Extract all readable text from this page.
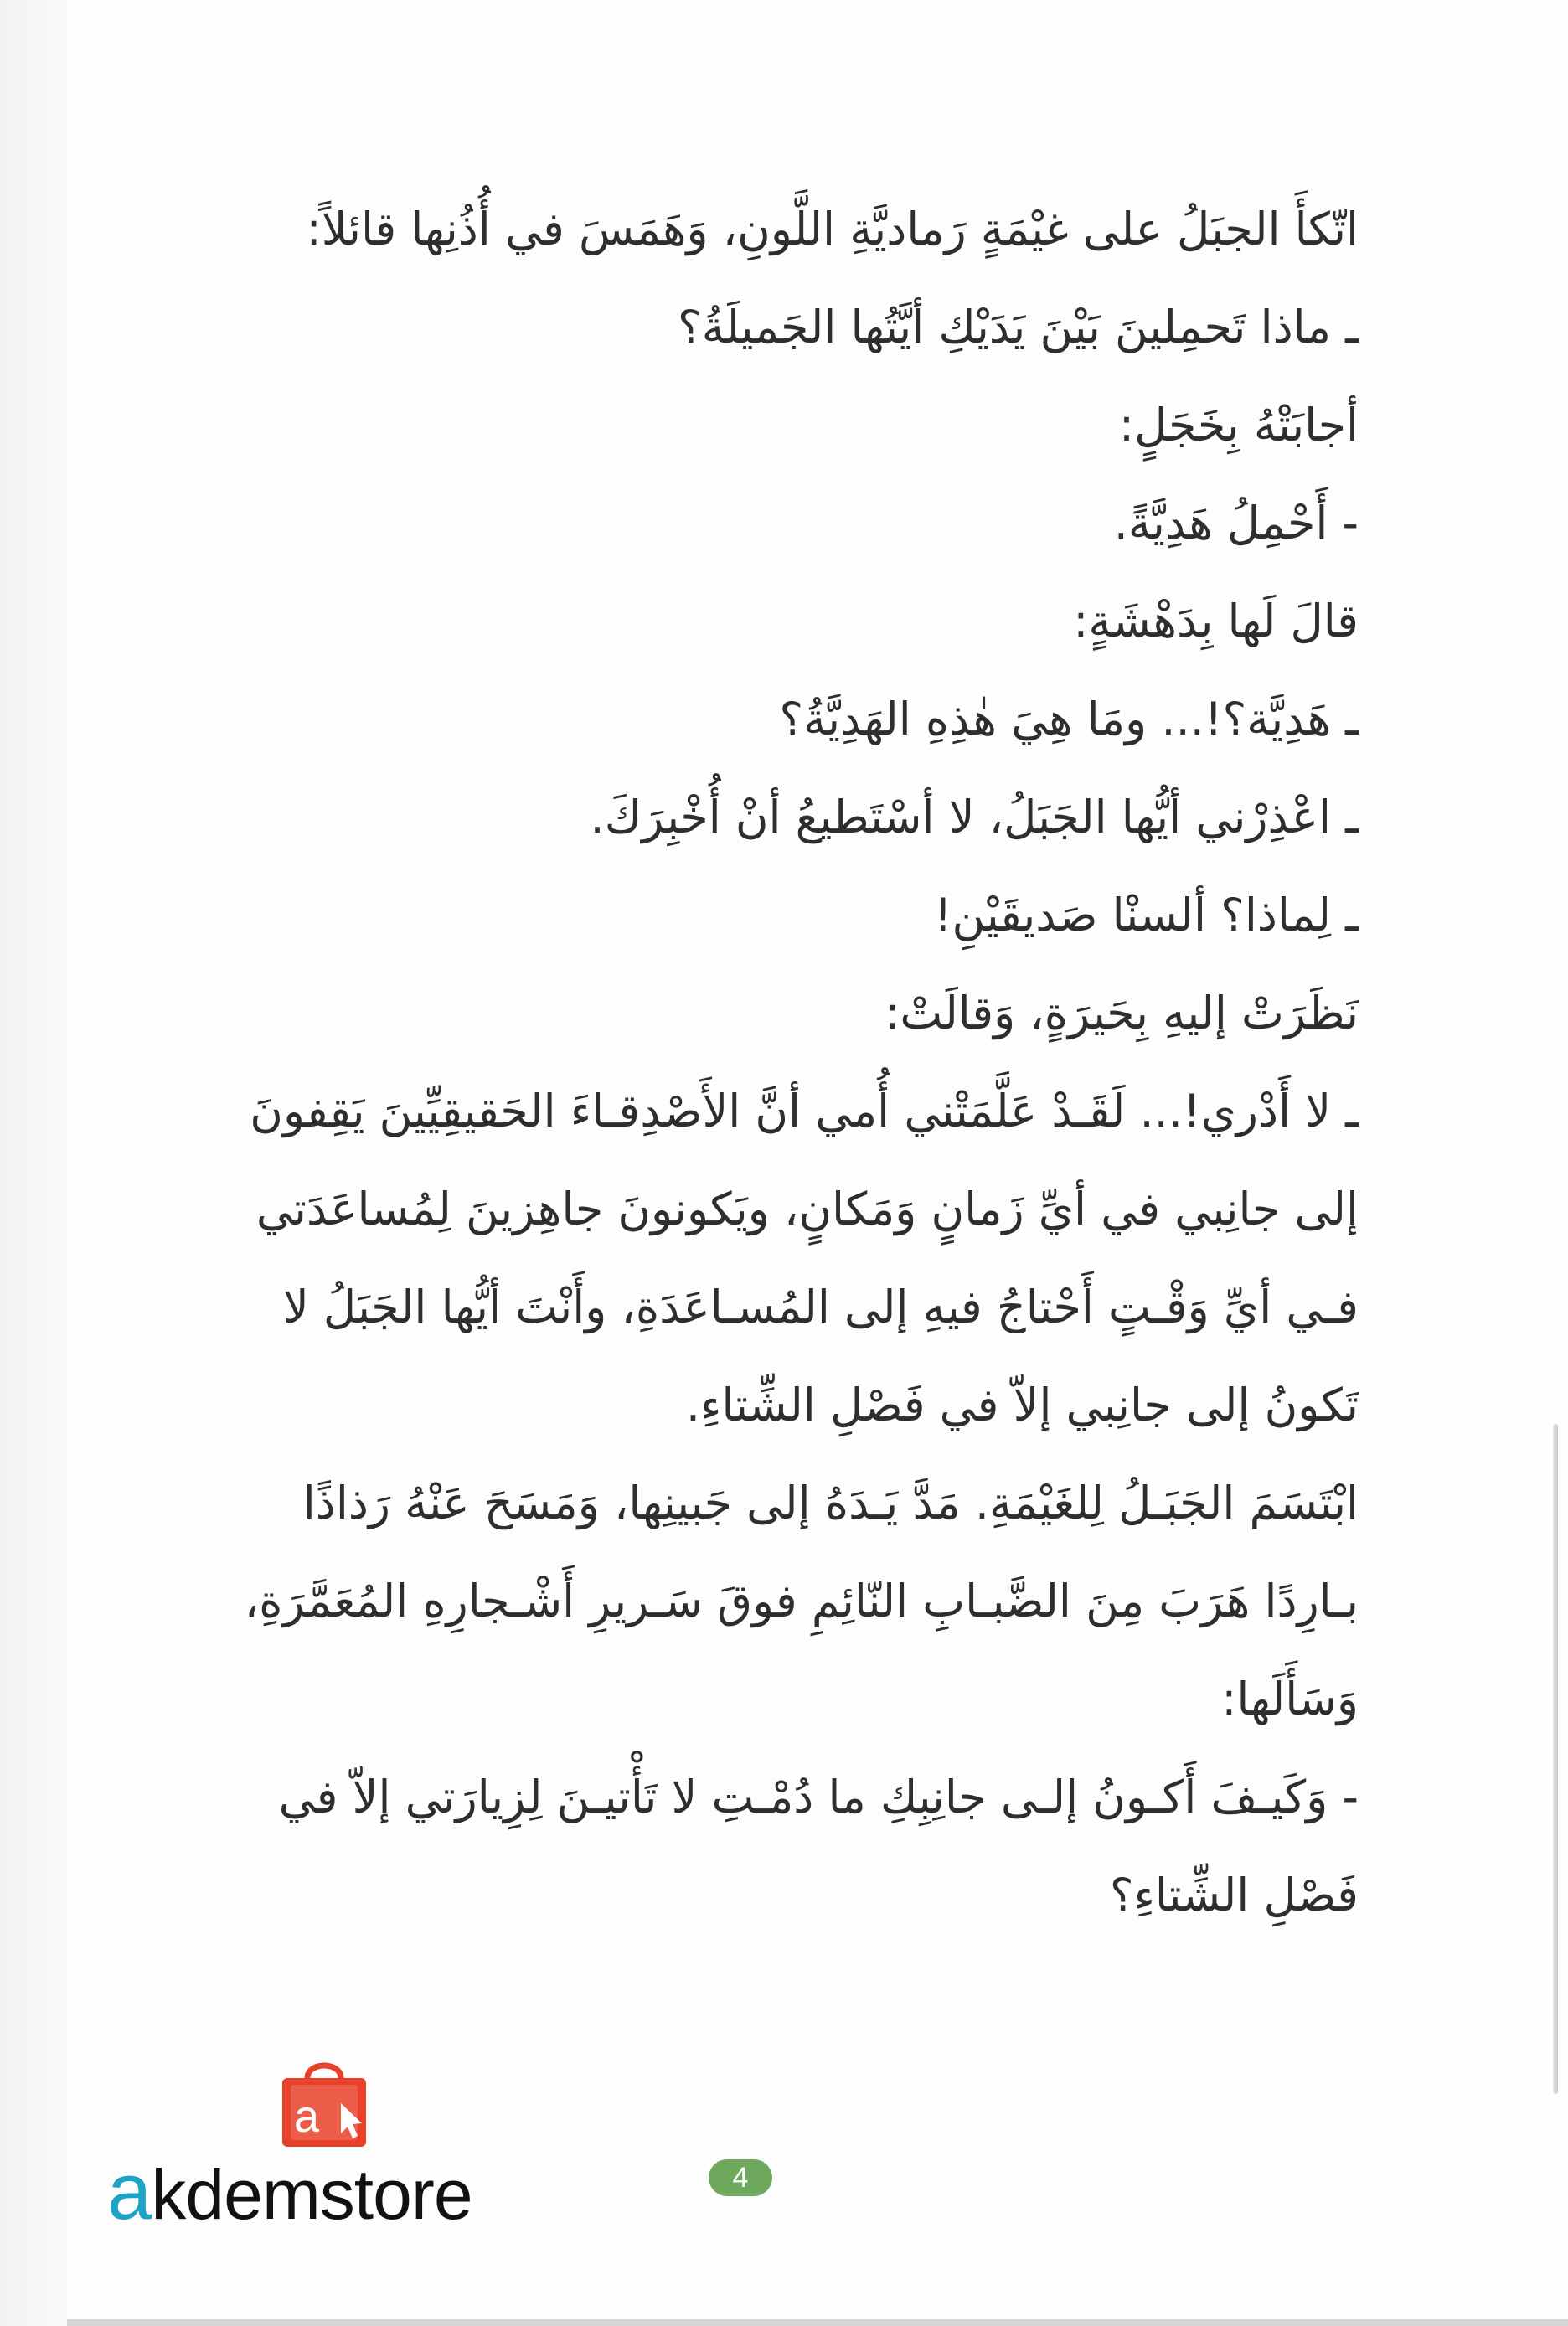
اتّكأَ الجبَلُ على غيْمَةٍ رَماديَّةِ اللَّونِ، وَهَمَسَ في أُذُنِها قائلاً:

ـ ماذا تَحمِلينَ بَيْنَ يَدَيْكِ أيَّتُها الجَميلَةُ؟

أجابَتْهُ بِخَجَلٍ:

- أَحْمِلُ هَدِيَّةً.

قالَ لَها بِدَهْشَةٍ:

ـ هَدِيَّة؟!... ومَا هِيَ هٰذِهِ الهَدِيَّةُ؟

ـ اعْذِرْني أيُّها الجَبَلُ، لا أسْتَطيعُ أنْ أُخْبِرَكَ.

ـ لِماذا؟ ألسنْا صَديقَيْنِ!

نَظَرَتْ إليهِ بِحَيرَةٍ، وَقالَتْ:

ـ لا أَدْري!... لَقَـدْ عَلَّمَتْني أُمي أنَّ الأَصْدِقـاءَ الحَقيقِيِّينَ يَقِفونَ

إلى جانِبي في أيِّ زَمانٍ وَمَكانٍ، ويَكونونَ جاهِزينَ لِمُساعَدَتي

فـي أيِّ وَقْـتٍ أَحْتاجُ فيهِ إلى المُسـاعَدَةِ، وأَنْتَ أيُّها الجَبَلُ لا

تَكونُ إلى جانِبي إلاّ في فَصْلِ الشِّتاءِ.

ابْتَسَمَ الجَبَـلُ لِلغَيْمَةِ. مَدَّ يَـدَهُ إلى جَبينِها، وَمَسَحَ عَنْهُ رَذاذًا

بـارِدًا هَرَبَ مِنَ الضَّبـابِ النّائِمِ فوقَ سَـريرِ أَشْـجارِهِ المُعَمَّرَةِ،

وَسَأَلَها:

- وَكَيـفَ أَكـونُ إلـى جانِبِكِ ما دُمْـتِ لا تَأْتيـنَ لِزِيارَتي إلاّ في

فَصْلِ الشِّتاءِ؟

a
akdemstore	4
